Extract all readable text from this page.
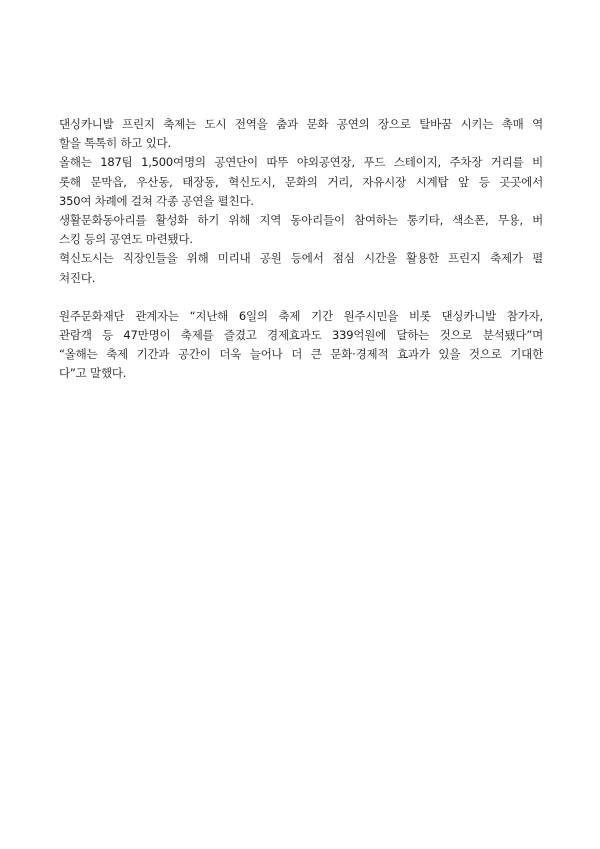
댄싱카니발 프린지 축제는 도시 전역을 춤과 문화 공연의 장으로 탈바꿈 시키는 촉매 역
할을 톡톡히 하고 있다.
올해는 187팀 1,500여명의 공연단이 따뚜 야외공연장, 푸드 스테이지, 주차장 거리를 비
롯해 문막읍, 우산동, 태장동, 혁신도시, 문화의 거리, 자유시장 시계탑 앞 등 곳곳에서
350여 차례에 걸쳐 각종 공연을 펼친다.
생활문화동아리를 활성화 하기 위해 지역 동아리들이 참여하는 통키타, 색소폰, 무용, 버
스킹 등의 공연도 마련됐다.
혁신도시는 직장인들을 위해 미리내 공원 등에서 점심 시간을 활용한 프린지 축제가 펼
쳐진다.
원주문화재단 관계자는 “지난해 6일의 축제 기간 원주시민을 비롯 댄싱카니발 참가자,
관람객 등 47만명이 축제를 즐겼고 경제효과도 339억원에 달하는 것으로 분석됐다”며
“올해는 축제 기간과 공간이 더욱 늘어나 더 큰 문화·경제적 효과가 있을 것으로 기대한
다”고 말했다.
